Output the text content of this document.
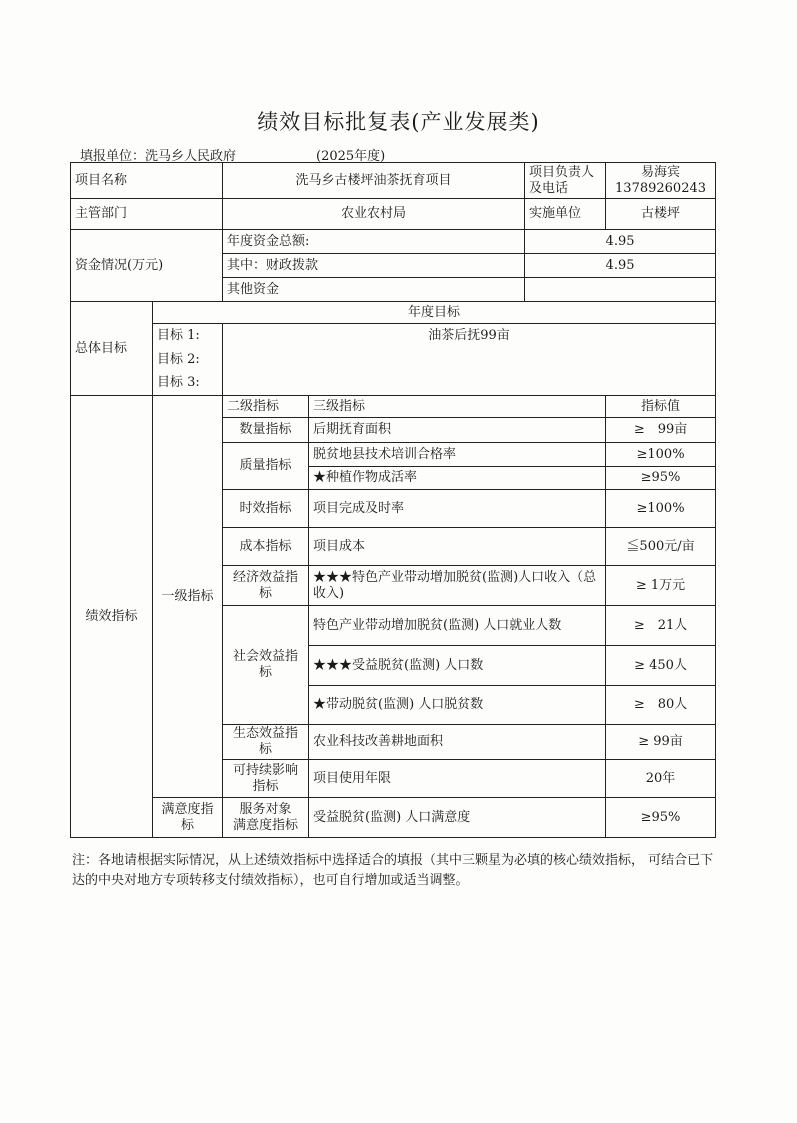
绩效目标批复表(产业发展类)
填报单位：洗马乡人民政府	(2025年度)
项目名称		洗马乡古楼坪油茶抚育项目		项目负责人及电话	易海宾13789260243
主管部门		农业农村局		实施单位	古楼坪
资金情况(万元)		年度资金总额:		4.95	
		其中：财政拨款		4.95	
		其他资金			
总体目标	年度目标				
	目标 1:	油茶后抚99亩			
	目标 2:				
	目标 3:				
绩效指标	一级指标	二级指标	三级指标		指标值
		数量指标	后期抚育面积		≥　99亩
		质量指标	脱贫地县技术培训合格率		≥100%
			★种植作物成活率		≥95%
		时效指标	项目完成及时率		≥100%
		成本指标	项目成本		≦500元/亩
		经济效益指标	★★★特色产业带动增加脱贫(监测)人口收入（总收入)		≥ 1万元
		社会效益指标	特色产业带动增加脱贫(监测) 人口就业人数		≥　21人
			★★★受益脱贫(监测) 人口数		≥ 450人
			★带动脱贫(监测) 人口脱贫数		≥　80人
		生态效益指标	农业科技改善耕地面积		≥ 99亩
		可持续影响指标	项目使用年限		20年
	满意度指标	服务对象　满意度指标	受益脱贫(监测) 人口满意度		≥95%
注：各地请根据实际情况，从上述绩效指标中选择适合的填报（其中三颗星为必填的核心绩效指标， 可结合已下达的中央对地方专项转移支付绩效指标），也可自行增加或适当调整。
